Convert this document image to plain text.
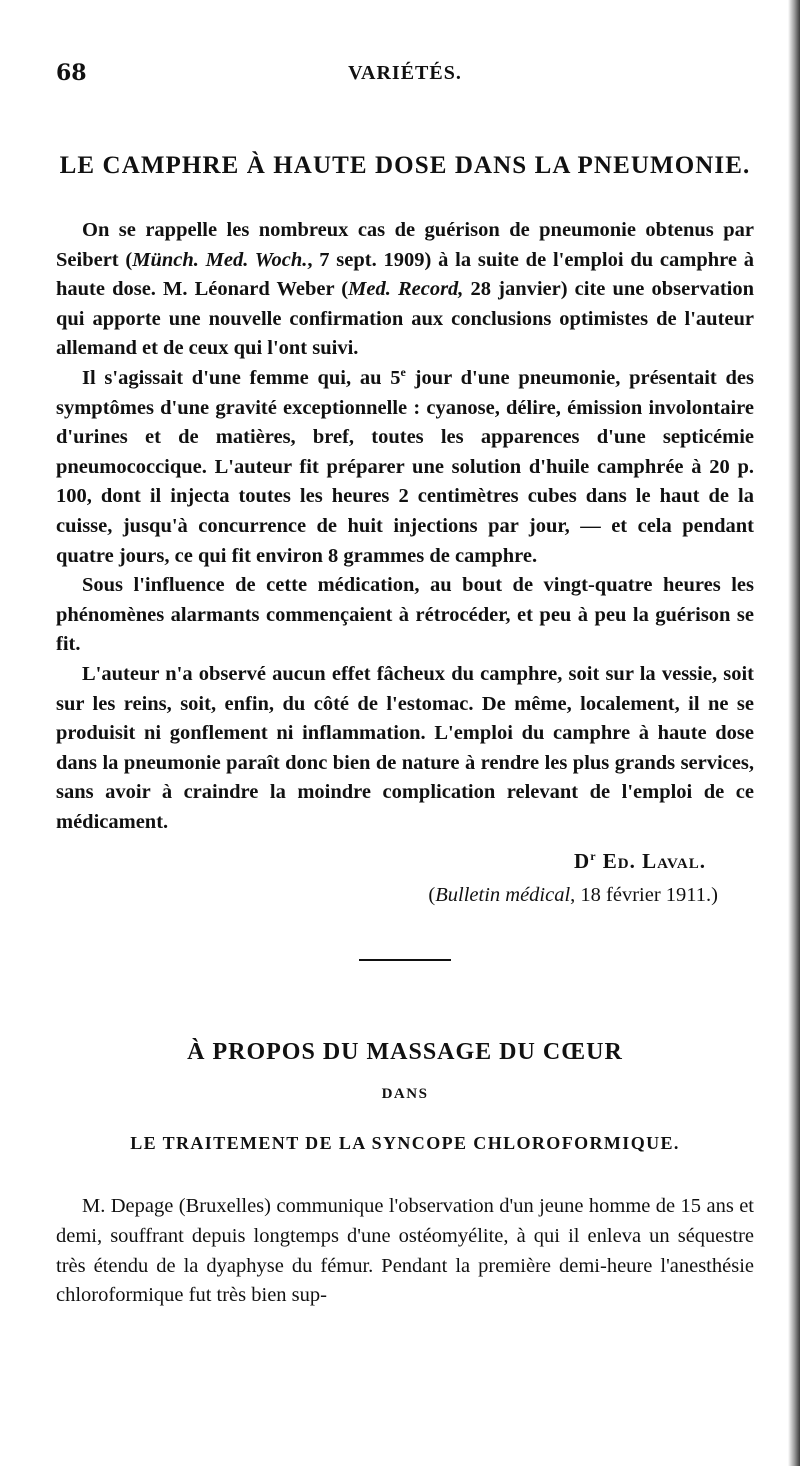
68	VARIÉTÉS.
LE CAMPHRE À HAUTE DOSE DANS LA PNEUMONIE.

On se rappelle les nombreux cas de guérison de pneumonie obtenus par Seibert (Münch. Med. Woch., 7 sept. 1909) à la suite de l'emploi du camphre à haute dose. M. Léonard Weber (Med. Record, 28 janvier) cite une observation qui apporte une nouvelle confirmation aux conclusions optimistes de l'auteur allemand et de ceux qui l'ont suivi.

Il s'agissait d'une femme qui, au 5e jour d'une pneumonie, présentait des symptômes d'une gravité exceptionnelle : cyanose, délire, émission involontaire d'urines et de matières, bref, toutes les apparences d'une septicémie pneumococcique. L'auteur fit préparer une solution d'huile camphrée à 20 p. 100, dont il injecta toutes les heures 2 centimètres cubes dans le haut de la cuisse, jusqu'à concurrence de huit injections par jour, — et cela pendant quatre jours, ce qui fit environ 8 grammes de camphre.

Sous l'influence de cette médication, au bout de vingt-quatre heures les phénomènes alarmants commençaient à rétrocéder, et peu à peu la guérison se fit.

L'auteur n'a observé aucun effet fâcheux du camphre, soit sur la vessie, soit sur les reins, soit, enfin, du côté de l'estomac. De même, localement, il ne se produisit ni gonflement ni inflammation. L'emploi du camphre à haute dose dans la pneumonie paraît donc bien de nature à rendre les plus grands services, sans avoir à craindre la moindre complication relevant de l'emploi de ce médicament.

$D^r$ Ed. Laval.
(Bulletin médical, 18 février 1911.)
À PROPOS DU MASSAGE DU CŒUR
DANS
LE TRAITEMENT DE LA SYNCOPE CHLOROFORMIQUE.

M. Depage (Bruxelles) communique l'observation d'un jeune homme de 15 ans et demi, souffrant depuis longtemps d'une ostéomyélite, à qui il enleva un séquestre très étendu de la dyaphyse du fémur. Pendant la première demi-heure l'anesthésie chloroformique fut très bien sup-
